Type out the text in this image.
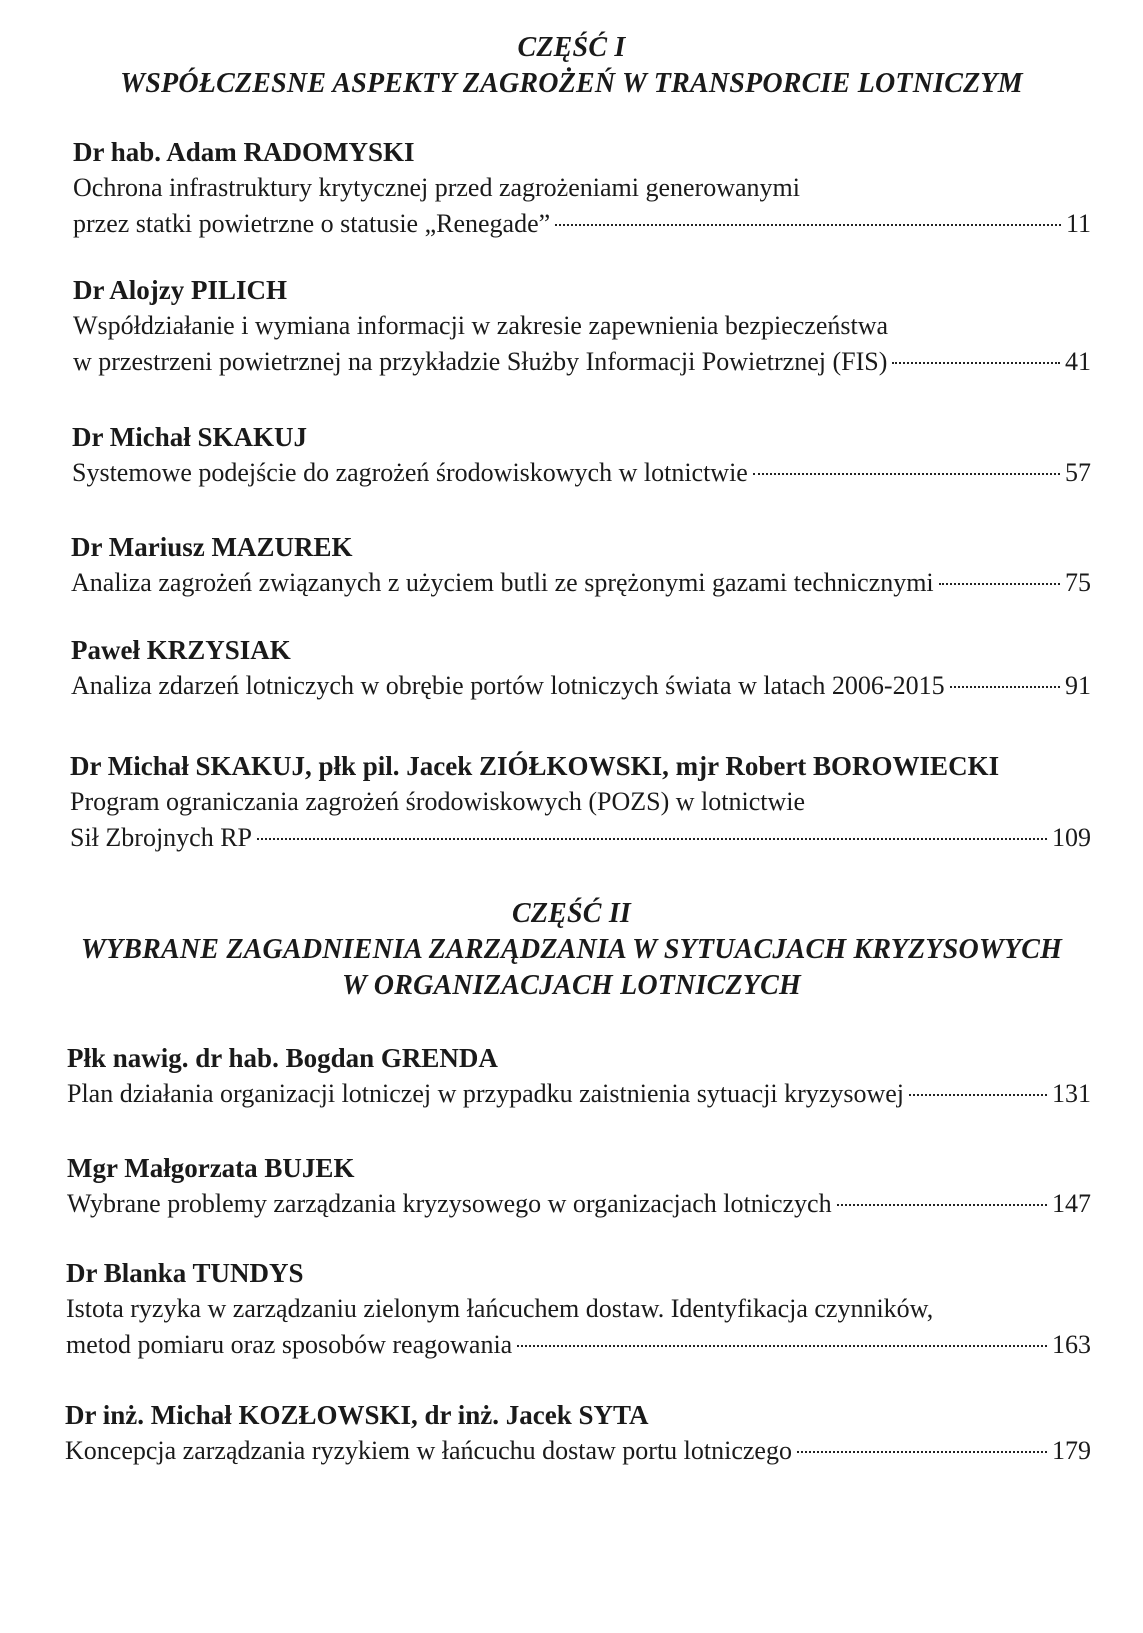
CZĘŚĆ I
WSPÓŁCZESNE ASPEKTY ZAGROŻEŃ W TRANSPORCIE LOTNICZYM
Dr hab. Adam RADOMYSKI
Ochrona infrastruktury krytycznej przed zagrożeniami generowanymi
przez statki powietrzne o statusie „Renegade”	11
Dr Alojzy PILICH
Współdziałanie i wymiana informacji w zakresie zapewnienia bezpieczeństwa
w przestrzeni powietrznej na przykładzie Służby Informacji Powietrznej (FIS)	41
Dr Michał SKAKUJ
Systemowe podejście do zagrożeń środowiskowych w lotnictwie	57
Dr Mariusz MAZUREK
Analiza zagrożeń związanych z użyciem butli ze sprężonymi gazami technicznymi	75
Paweł KRZYSIAK
Analiza zdarzeń lotniczych w obrębie portów lotniczych świata w latach 2006-2015	91
Dr Michał SKAKUJ, płk pil. Jacek ZIÓŁKOWSKI, mjr Robert BOROWIECKI
Program ograniczania zagrożeń środowiskowych (POZS) w lotnictwie
Sił Zbrojnych RP	109
CZĘŚĆ II
WYBRANE ZAGADNIENIA ZARZĄDZANIA W SYTUACJACH KRYZYSOWYCH
W ORGANIZACJACH LOTNICZYCH
Płk nawig. dr hab. Bogdan GRENDA
Plan działania organizacji lotniczej w przypadku zaistnienia sytuacji kryzysowej	131
Mgr Małgorzata BUJEK
Wybrane problemy zarządzania kryzysowego w organizacjach lotniczych	147
Dr Blanka TUNDYS
Istota ryzyka w zarządzaniu zielonym łańcuchem dostaw. Identyfikacja czynników,
metod pomiaru oraz sposobów reagowania	163
Dr inż. Michał KOZŁOWSKI, dr inż. Jacek SYTA
Koncepcja zarządzania ryzykiem w łańcuchu dostaw portu lotniczego	179
